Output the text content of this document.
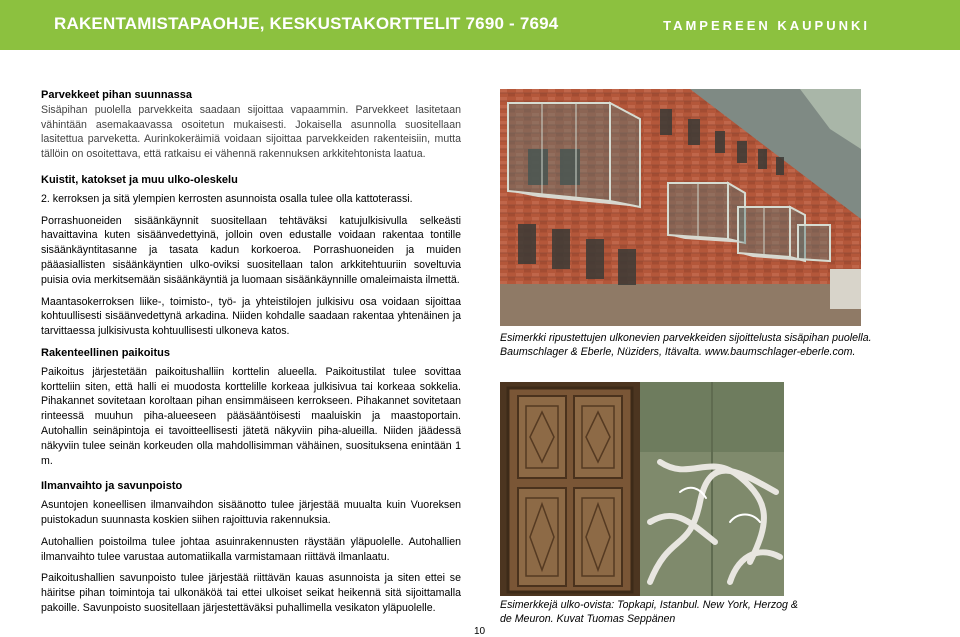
RAKENTAMISTAPAOHJE, KESKUSTAKORTTELIT 7690 - 7694	TAMPEREEN KAUPUNKI
Parvekkeet pihan suunnassa

Sisäpihan puolella parvekkeita saadaan sijoittaa vapaammin. Parvekkeet lasitetaan vähintään asemakaavassa osoitetun mukaisesti. Jokaisella asunnolla suositellaan lasitettua parveketta. Aurinkokeräimiä voidaan sijoittaa parvekkeiden rakenteisiin, mutta tällöin on osoitettava, että ratkaisu ei vähennä rakennuksen arkkitehtonista laatua.

Kuistit, katokset ja muu ulko-oleskelu

2. kerroksen ja sitä ylempien kerrosten asunnoista osalla tulee olla kattoterassi.

Porrashuoneiden sisäänkäynnit suositellaan tehtäväksi katujulkisivulla selkeästi havaittavina kuten sisäänvedettyinä, jolloin oven edustalle voidaan rakentaa tontille sisäänkäyntitasanne ja tasata kadun korkoeroa. Porrashuoneiden ja muiden pääasiallisten sisäänkäyntien ulko-oviksi suositellaan talon arkkitehtuuriin soveltuvia puisia ovia merkitsemään sisäänkäyntiä ja luomaan sisäänkäynnille omaleimaista ilmettä.

Maantasokerroksen liike-, toimisto-, työ- ja yhteistilojen julkisivu osa voidaan sijoittaa kohtuullisesti sisäänvedettynä arkadina. Niiden kohdalle saadaan rakentaa yhtenäinen ja tarvittaessa julkisivusta kohtuullisesti ulkoneva katos.

Rakenteellinen paikoitus

Paikoitus järjestetään paikoitushalliin korttelin alueella. Paikoitustilat tulee sovittaa kortteliin siten, että halli ei muodosta korttelille korkeaa julkisivua tai korkeaa sokkelia. Pihakannet sovitetaan koroltaan pihan ensimmäiseen kerrokseen. Pihakannet sovitetaan rinteessä muuhun piha-alueeseen pääsääntöisesti maaluiskin ja maastoportain. Autohallin seinäpintoja ei tavoitteellisesti jätetä näkyviin piha-alueilla. Niiden jäädessä näkyviin tulee seinän korkeuden olla mahdollisimman vähäinen, suosituksena enintään 1 m.

Ilmanvaihto ja savunpoisto

Asuntojen koneellisen ilmanvaihdon sisäänotto tulee järjestää muualta kuin Vuoreksen puistokadun suunnasta koskien siihen rajoittuvia rakennuksia.

Autohallien poistoilma tulee johtaa asuinrakennusten räystään yläpuolelle. Autohallien ilmanvaihto tulee varustaa automatiikalla varmistamaan riittävä ilmanlaatu.

Paikoitushallien savunpoisto tulee järjestää riittävän kauas asunnoista ja siten ettei se häiritse pihan toimintoja tai ulkonäköä tai ettei ulkoiset seikat heikennä sitä sijoittamalla pakoille. Savunpoisto suositellaan järjestettäväksi puhallimella vesikaton yläpuolelle.

Esimerkki ripustettujen ulkonevien parvekkeiden sijoittelusta sisäpihan puolella. Baumschlager & Eberle, Nüziders, Itävalta. www.baumschlager-eberle.com.
Esimerkkejä ulko-ovista: Topkapi, Istanbul. New York, Herzog & de Meuron. Kuvat Tuomas Seppänen
10
